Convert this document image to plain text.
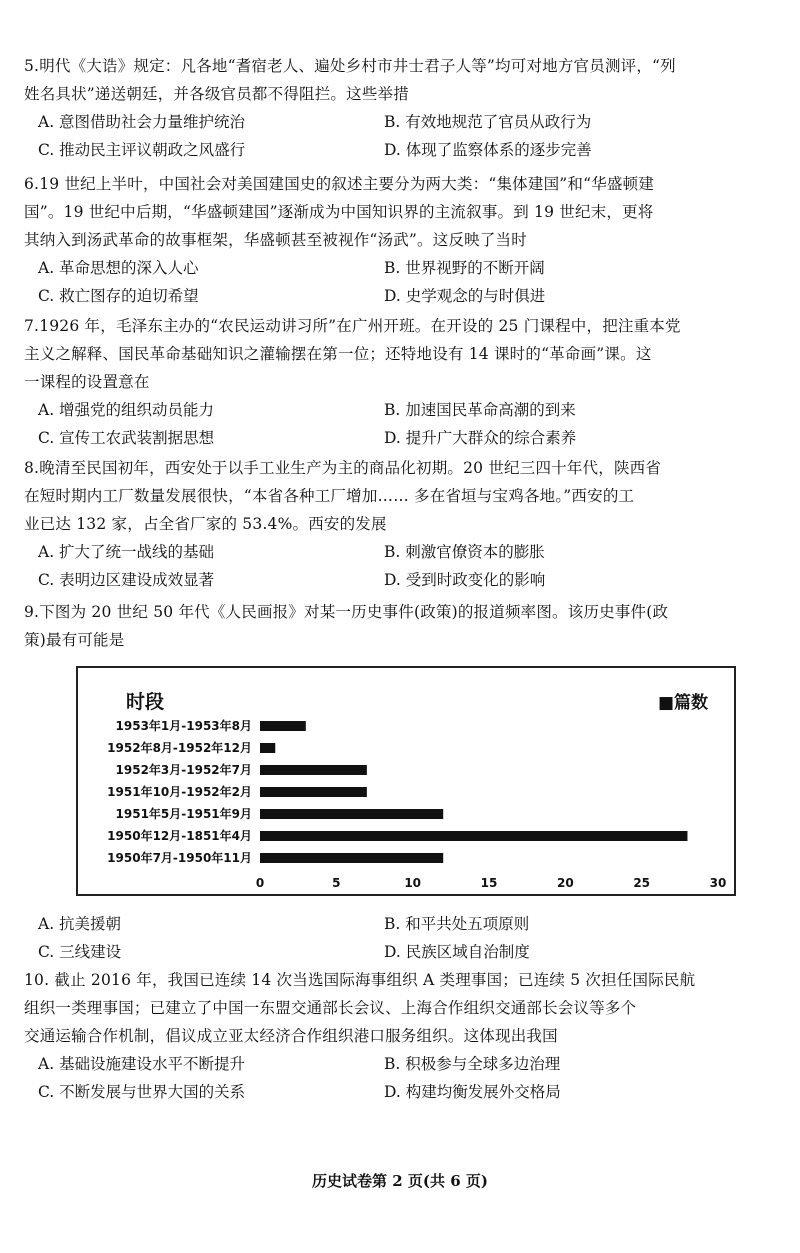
5.明代《大诰》规定：凡各地“耆宿老人、遍处乡村市井士君子人等”均可对地方官员测评，“列
姓名具状”递送朝廷，并各级官员都不得阻拦。这些举措
A. 意图借助社会力量维护统治	B. 有效地规范了官员从政行为
C. 推动民主评议朝政之风盛行	D. 体现了监察体系的逐步完善
6.19 世纪上半叶，中国社会对美国建国史的叙述主要分为两大类：“集体建国”和“华盛顿建
国”。19 世纪中后期，“华盛顿建国”逐渐成为中国知识界的主流叙事。到 19 世纪末，更将
其纳入到汤武革命的故事框架，华盛顿甚至被视作“汤武”。这反映了当时
A. 革命思想的深入人心	B. 世界视野的不断开阔
C. 救亡图存的迫切希望	D. 史学观念的与时俱进
7.1926 年，毛泽东主办的“农民运动讲习所”在广州开班。在开设的 25 门课程中，把注重本党
主义之解释、国民革命基础知识之灌输摆在第一位；还特地设有 14 课时的“革命画”课。这
一课程的设置意在
A. 增强党的组织动员能力	B. 加速国民革命高潮的到来
C. 宣传工农武装割据思想	D. 提升广大群众的综合素养
8.晚清至民国初年，西安处于以手工业生产为主的商品化初期。20 世纪三四十年代，陕西省
在短时期内工厂数量发展很快，“本省各种工厂增加…… 多在省垣与宝鸡各地。”西安的工
业已达 132 家，占全省厂家的 53.4%。西安的发展
A. 扩大了统一战线的基础	B. 刺激官僚资本的膨胀
C. 表明边区建设成效显著	D. 受到时政变化的影响
9.下图为 20 世纪 50 年代《人民画报》对某一历史事件(政策)的报道频率图。该历史事件(政
策)最有可能是
时段	■篇数
1953年1月-1953年8月
1952年8月-1952年12月
1952年3月-1952年7月
1951年10月-1952年2月
1951年5月-1951年9月
1950年12月-1851年4月
1950年7月-1950年11月
0	5	10	15	20	25	30
A. 抗美援朝	B. 和平共处五项原则
C. 三线建设	D. 民族区域自治制度
10. 截止 2016 年，我国已连续 14 次当选国际海事组织 A 类理事国；已连续 5 次担任国际民航
组织一类理事国；已建立了中国一东盟交通部长会议、上海合作组织交通部长会议等多个
交通运输合作机制，倡议成立亚太经济合作组织港口服务组织。这体现出我国
A. 基础设施建设水平不断提升	B. 积极参与全球多边治理
C. 不断发展与世界大国的关系	D. 构建均衡发展外交格局
历史试卷第 2 页(共 6 页)
